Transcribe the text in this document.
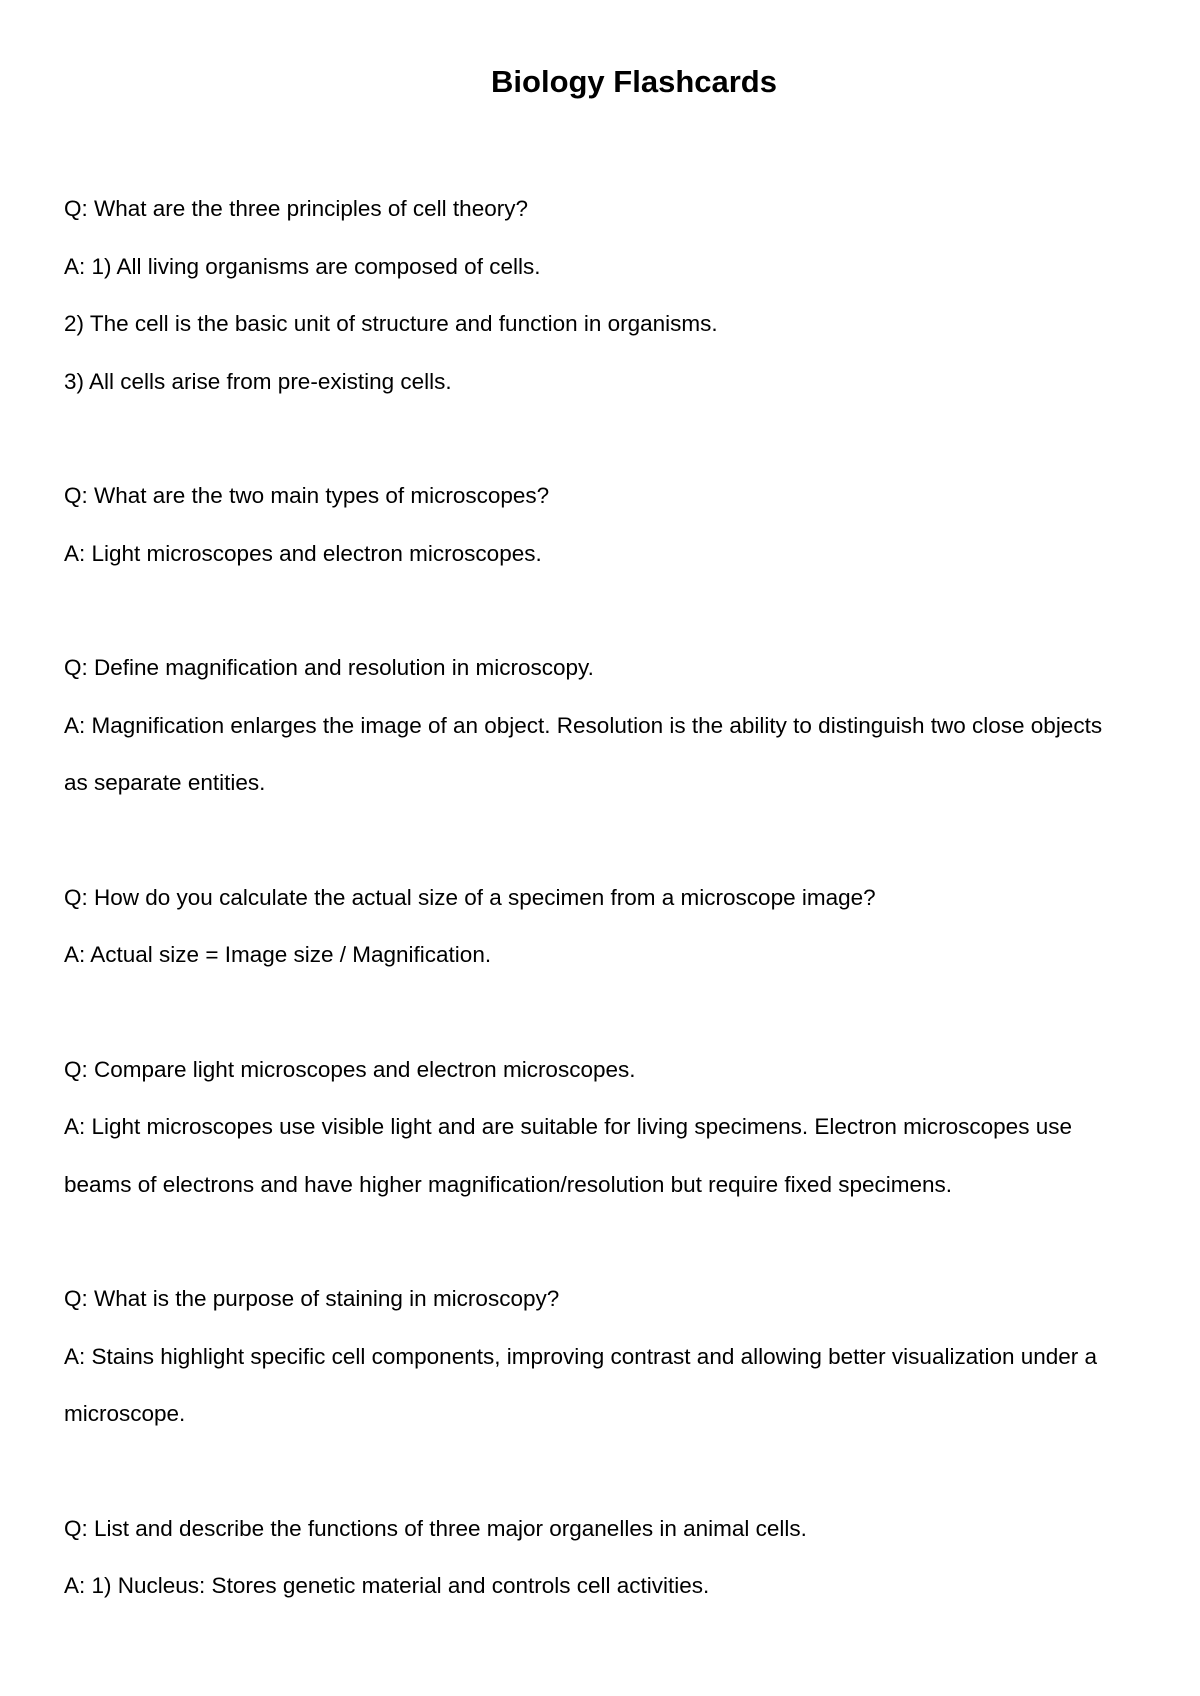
Biology Flashcards

Q: What are the three principles of cell theory?

A: 1) All living organisms are composed of cells.

2) The cell is the basic unit of structure and function in organisms.

3) All cells arise from pre-existing cells.

Q: What are the two main types of microscopes?

A: Light microscopes and electron microscopes.

Q: Define magnification and resolution in microscopy.

A: Magnification enlarges the image of an object. Resolution is the ability to distinguish two close objects as separate entities.

Q: How do you calculate the actual size of a specimen from a microscope image?

A: Actual size = Image size / Magnification.

Q: Compare light microscopes and electron microscopes.

A: Light microscopes use visible light and are suitable for living specimens. Electron microscopes use beams of electrons and have higher magnification/resolution but require fixed specimens.

Q: What is the purpose of staining in microscopy?

A: Stains highlight specific cell components, improving contrast and allowing better visualization under a microscope.

Q: List and describe the functions of three major organelles in animal cells.

A: 1) Nucleus: Stores genetic material and controls cell activities.
